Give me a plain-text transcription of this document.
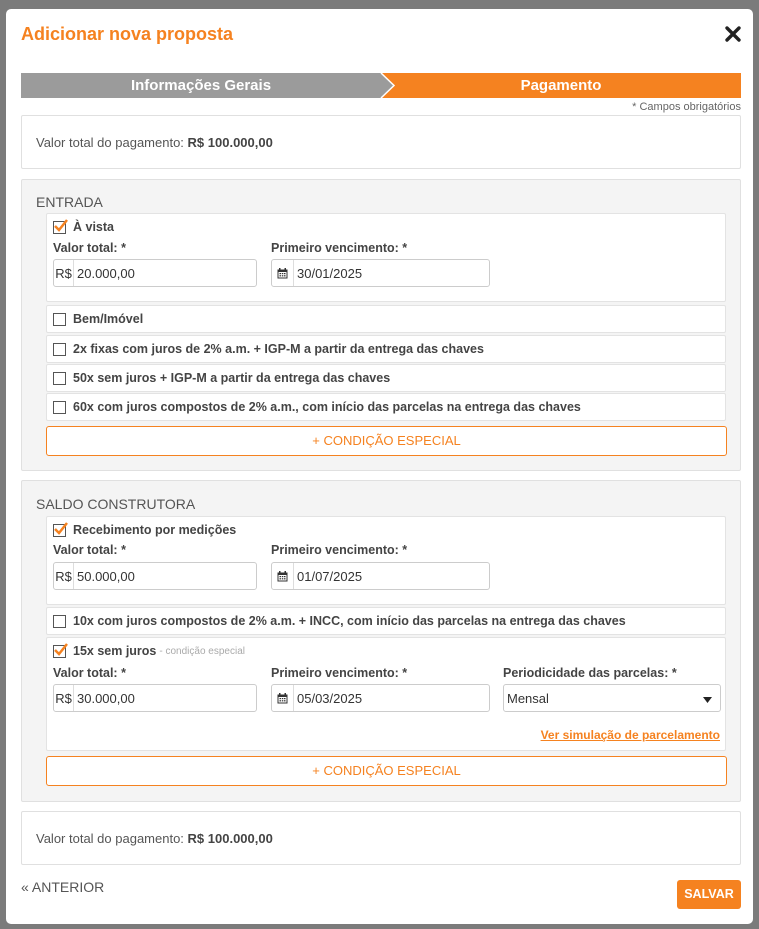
Adicionar nova proposta
Informações Gerais	Pagamento
* Campos obrigatórios
Valor total do pagamento: R$ 100.000,00
ENTRADA
À vista
Valor total: *
R$ 20.000,00
Primeiro vencimento: *
30/01/2025
Bem/Imóvel
2x fixas com juros de 2% a.m. + IGP-M a partir da entrega das chaves
50x sem juros + IGP-M a partir da entrega das chaves
60x com juros compostos de 2% a.m., com início das parcelas na entrega das chaves
+ CONDIÇÃO ESPECIAL
SALDO CONSTRUTORA
Recebimento por medições
Valor total: *
R$ 50.000,00
Primeiro vencimento: *
01/07/2025
10x com juros compostos de 2% a.m. + INCC, com início das parcelas na entrega das chaves
15x sem juros - condição especial
Valor total: *
R$ 30.000,00
Primeiro vencimento: *
05/03/2025
Periodicidade das parcelas: *
Mensal
Ver simulação de parcelamento
+ CONDIÇÃO ESPECIAL
Valor total do pagamento: R$ 100.000,00
« ANTERIOR	SALVAR
